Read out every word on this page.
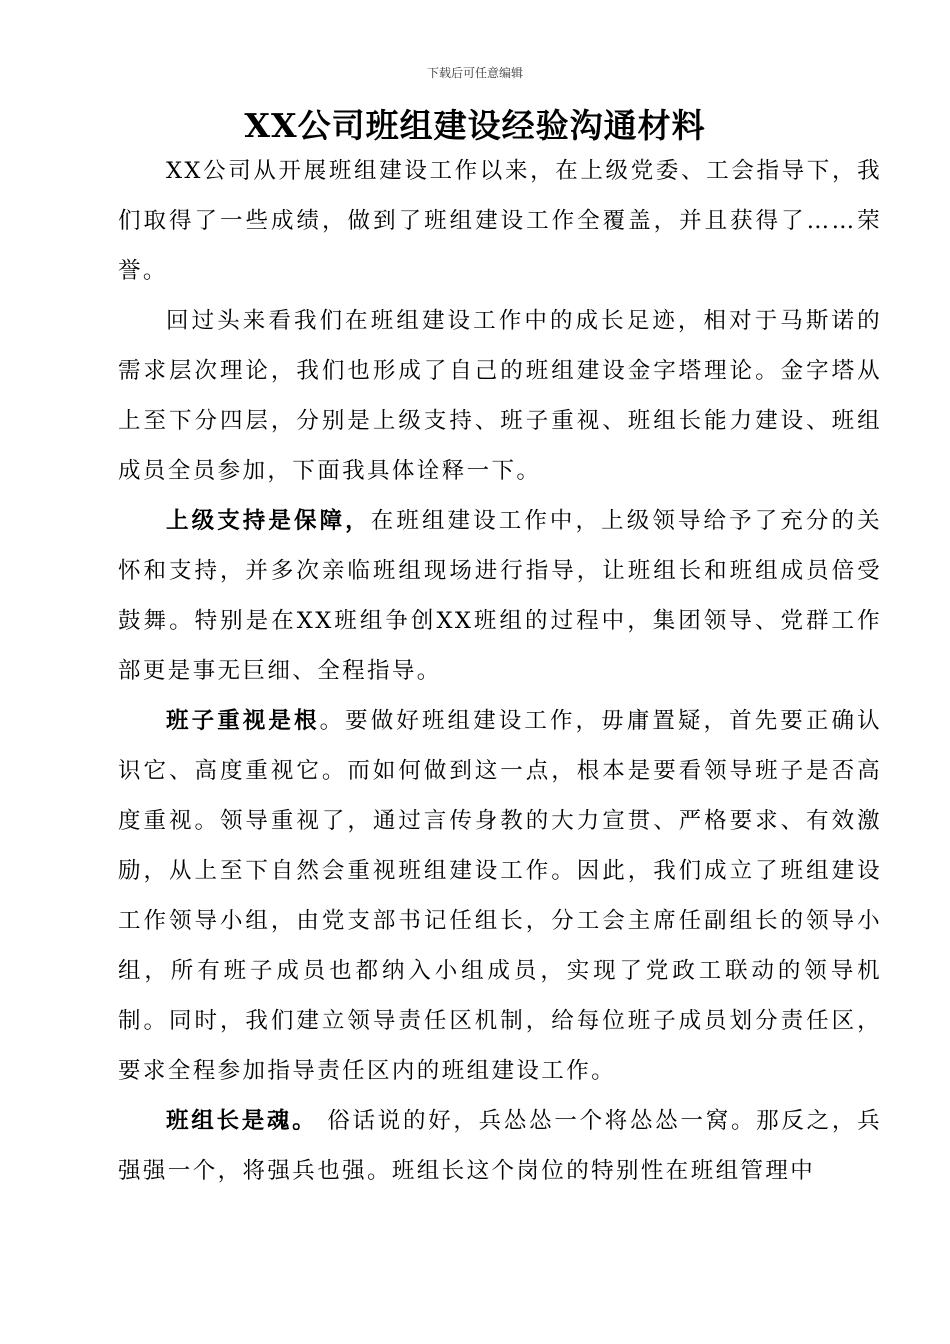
下载后可任意编辑
XX公司班组建设经验沟通材料

XX公司从开展班组建设工作以来，在上级党委、工会指导下，我们取得了一些成绩，做到了班组建设工作全覆盖，并且获得了……荣誉。

回过头来看我们在班组建设工作中的成长足迹，相对于马斯诺的需求层次理论，我们也形成了自己的班组建设金字塔理论。金字塔从上至下分四层，分别是上级支持、班子重视、班组长能力建设、班组成员全员参加，下面我具体诠释一下。

上级支持是保障，在班组建设工作中，上级领导给予了充分的关怀和支持，并多次亲临班组现场进行指导，让班组长和班组成员倍受鼓舞。特别是在XX班组争创XX班组的过程中，集团领导、党群工作部更是事无巨细、全程指导。

班子重视是根。要做好班组建设工作，毋庸置疑，首先要正确认识它、高度重视它。而如何做到这一点，根本是要看领导班子是否高度重视。领导重视了，通过言传身教的大力宣贯、严格要求、有效激励，从上至下自然会重视班组建设工作。因此，我们成立了班组建设工作领导小组，由党支部书记任组长，分工会主席任副组长的领导小组，所有班子成员也都纳入小组成员，实现了党政工联动的领导机制。同时，我们建立领导责任区机制，给每位班子成员划分责任区，要求全程参加指导责任区内的班组建设工作。

班组长是魂。 俗话说的好，兵怂怂一个将怂怂一窝。那反之，兵强强一个，将强兵也强。班组长这个岗位的特别性在班组管理中
